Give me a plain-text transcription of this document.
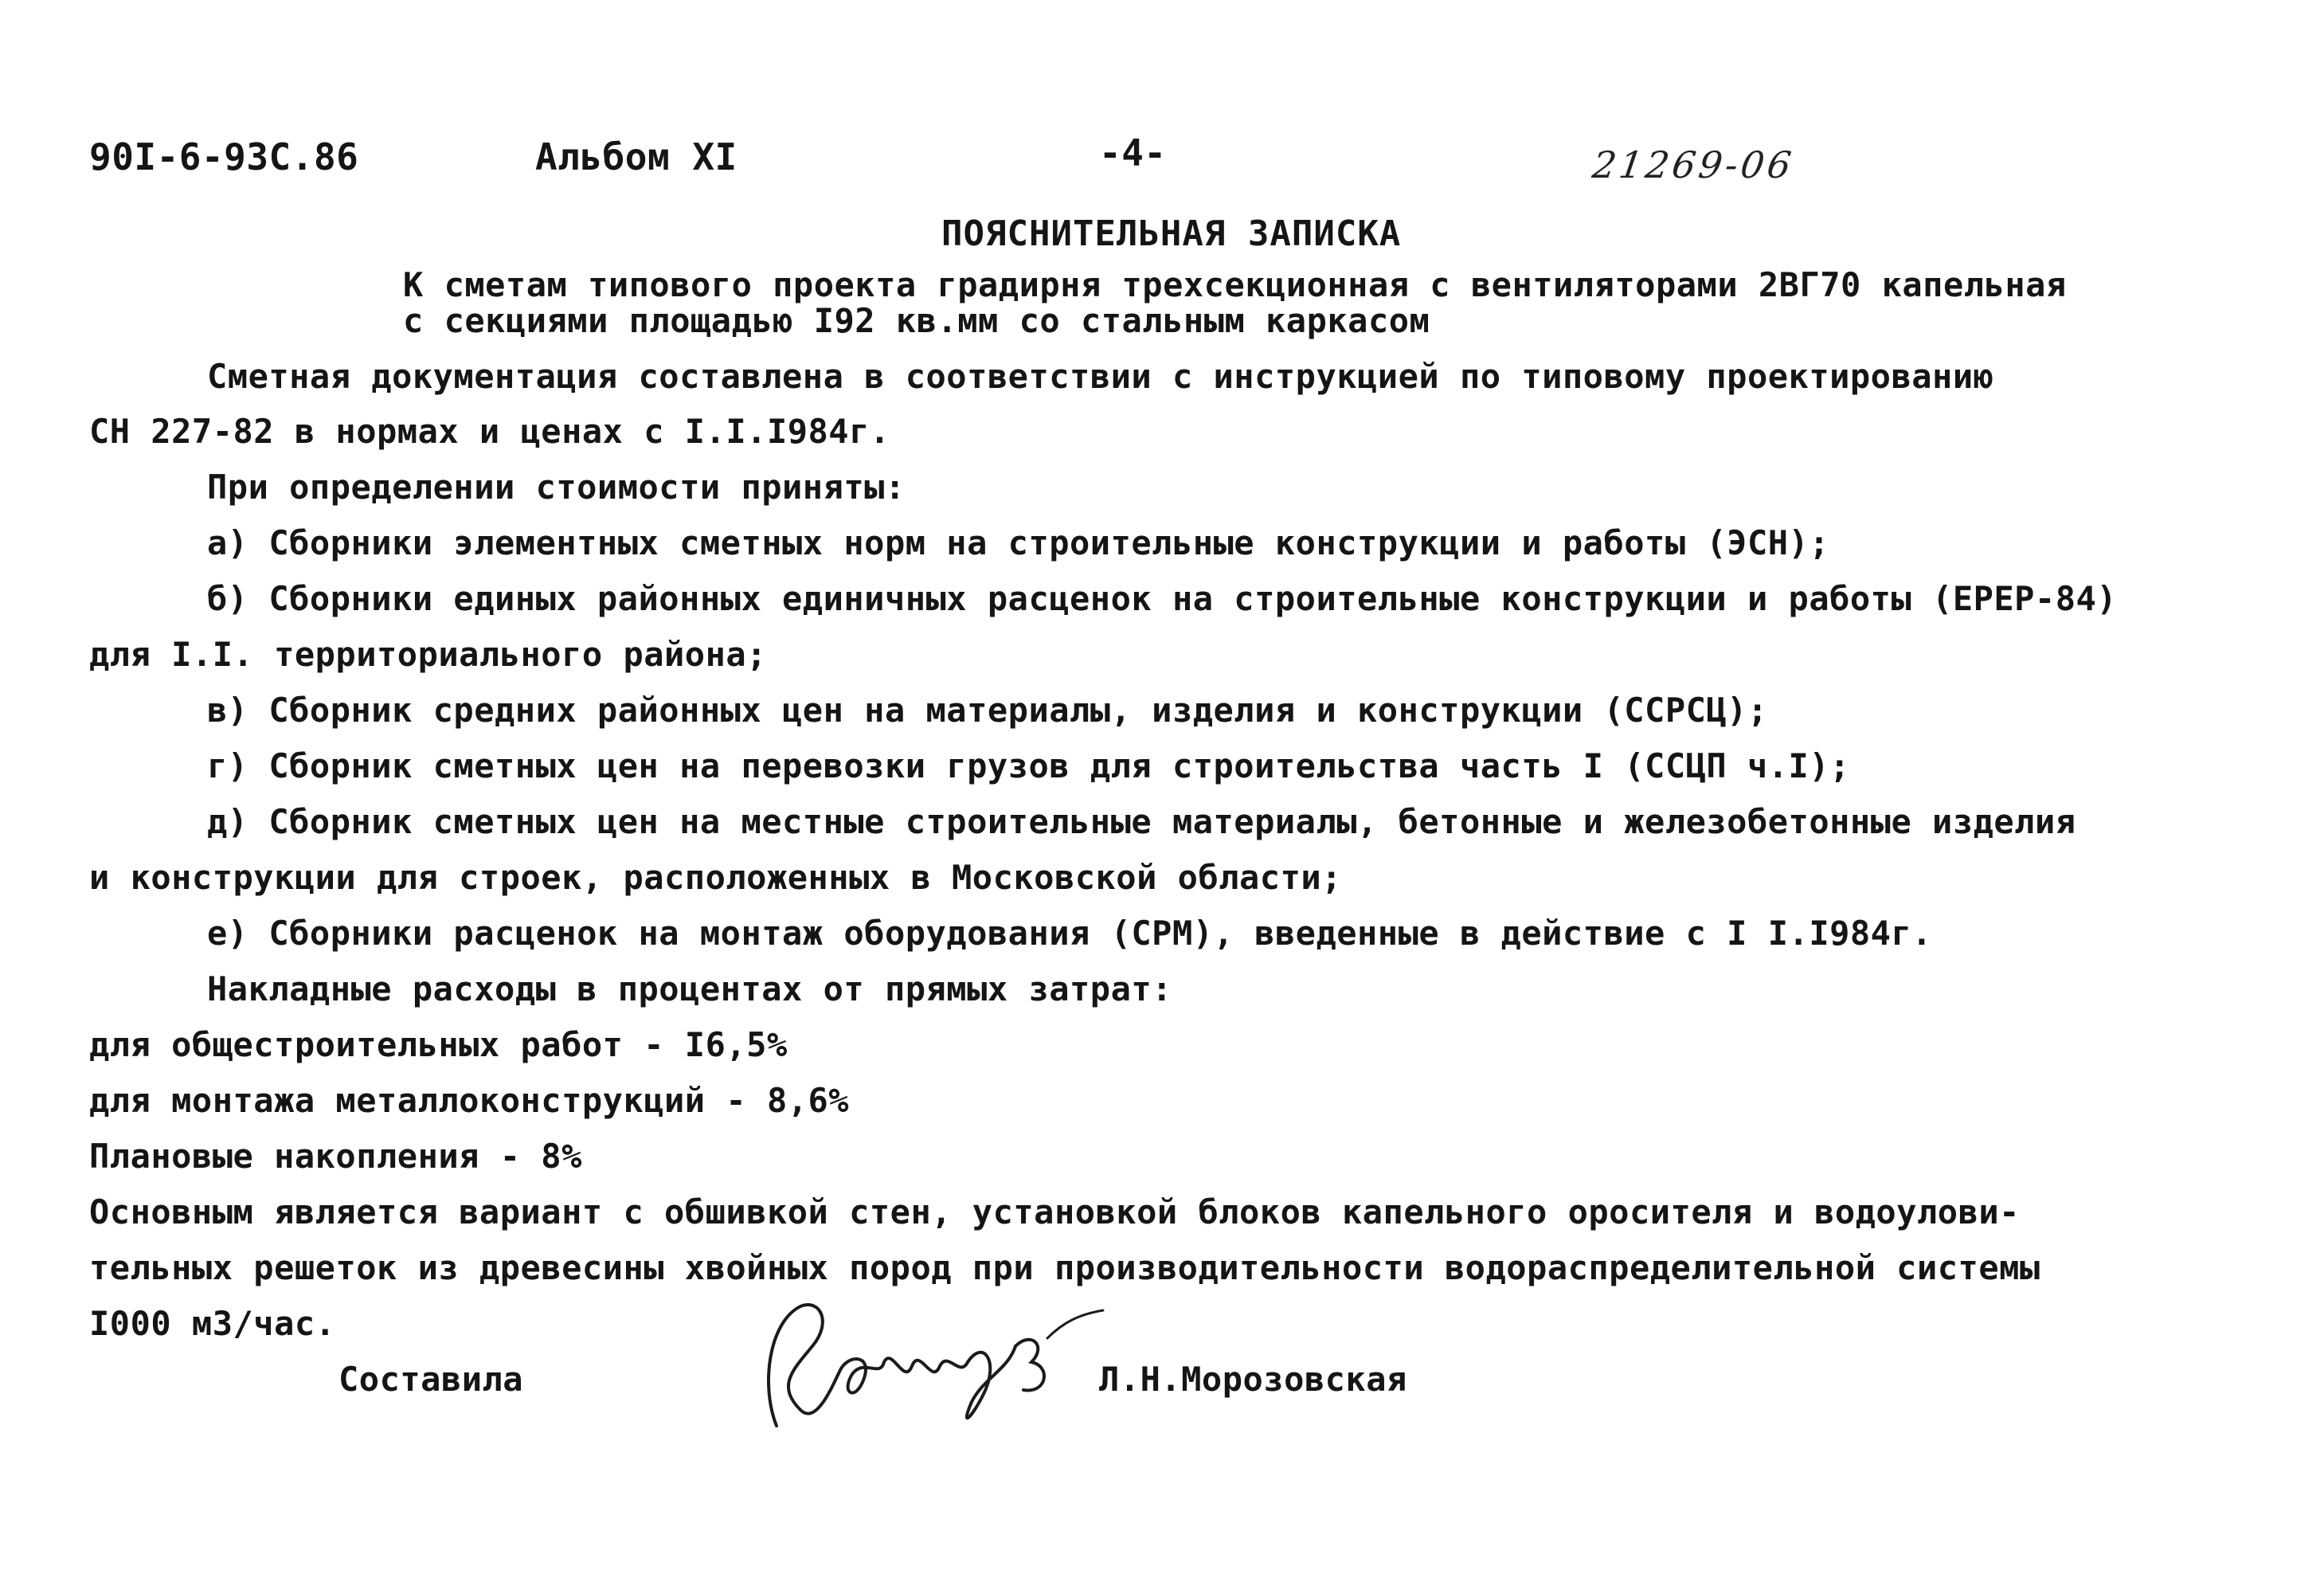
90I-6-93C.86	Альбом XI	-4-	21269-06
ПОЯСНИТЕЛЬНАЯ ЗАПИСКА
К сметам типового проекта градирня трехсекционная с вентиляторами 2ВГ70 капельная
с секциями площадью I92 кв.мм со стальным каркасом
Сметная документация составлена в соответствии с инструкцией по типовому проектированию
СН 227-82 в нормах и ценах с I.I.I984г.
При определении стоимости приняты:
а) Сборники элементных сметных норм на строительные конструкции и работы (ЭСН);
б) Сборники единых районных единичных расценок на строительные конструкции и работы (ЕРЕР-84)
для I.I. территориального района;
в) Сборник средних районных цен на материалы, изделия и конструкции (ССРСЦ);
г) Сборник сметных цен на перевозки грузов для строительства часть I (ССЦП ч.I);
д) Сборник сметных цен на местные строительные материалы, бетонные и железобетонные изделия
и конструкции для строек, расположенных в Московской области;
е) Сборники расценок на монтаж оборудования (СРМ), введенные в действие с I I.I984г.
Накладные расходы в процентах от прямых затрат:
для общестроительных работ - I6,5%
для монтажа металлоконструкций - 8,6%
Плановые накопления - 8%
Основным является вариант с обшивкой стен, установкой блоков капельного оросителя и водоулови-
тельных решеток из древесины хвойных пород при производительности водораспределительной системы
I000 м3/час.
Составила	Л.Н.Морозовская
